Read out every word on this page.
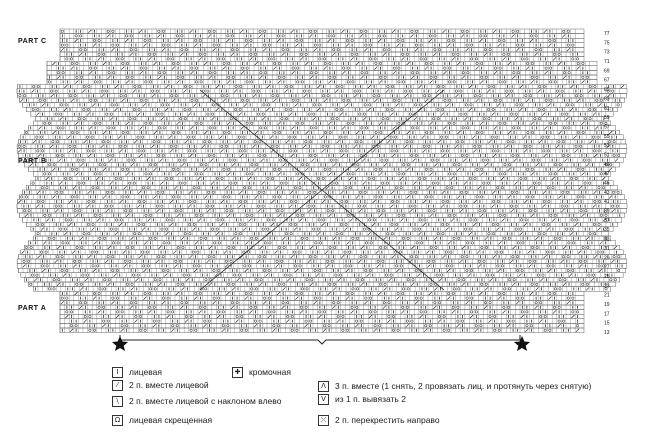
77
75
73
71
69
67
65
63
61
59
57
55
53
51
49
47
45
43
41
39
37
35
33
31
29
27
25
23
21
19
17
15
13
PART C
PART B
PART A
I лицевая	✚ кромочная
⁄ 2 п. вместе лицевой	Λ 3 п. вместе (1 снять, 2 провязать лиц. и протянуть через снятую)
\ 2 п. вместе лицевой с наклоном влево	V из 1 п. вывязать 2
Ω лицевая скрещенная	⤫ 2 п. перекрестить направо
